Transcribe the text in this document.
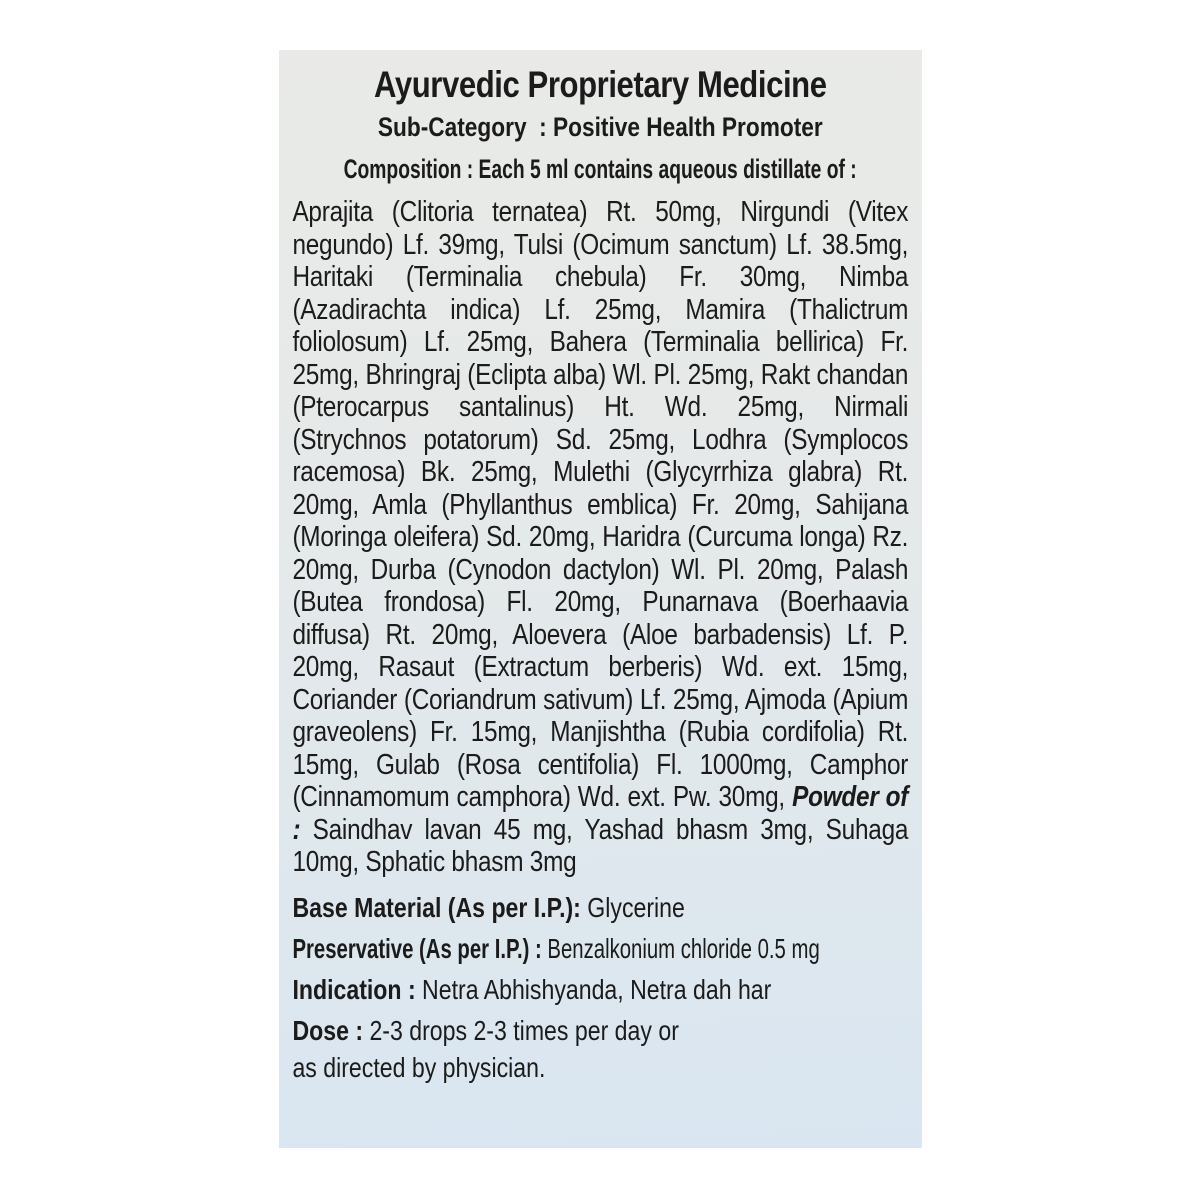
Ayurvedic Proprietary Medicine
Sub-Category  : Positive Health Promoter
Composition : Each 5 ml contains aqueous distillate of :

Aprajita (Clitoria ternatea) Rt. 50mg, Nirgundi (Vitex negundo) Lf. 39mg, Tulsi (Ocimum sanctum) Lf. 38.5mg, Haritaki (Terminalia chebula) Fr. 30mg, Nimba (Azadirachta indica) Lf. 25mg, Mamira (Thalictrum foliolosum) Lf. 25mg, Bahera (Terminalia bellirica) Fr. 25mg, Bhringraj (Eclipta alba) Wl. Pl. 25mg, Rakt chandan (Pterocarpus santalinus) Ht. Wd. 25mg, Nirmali (Strychnos potatorum) Sd. 25mg, Lodhra (Symplocos racemosa) Bk. 25mg, Mulethi (Glycyrrhiza glabra) Rt. 20mg, Amla (Phyllanthus emblica) Fr. 20mg, Sahijana (Moringa oleifera) Sd. 20mg, Haridra (Curcuma longa) Rz. 20mg, Durba (Cynodon dactylon) Wl. Pl. 20mg, Palash (Butea frondosa) Fl. 20mg, Punarnava (Boerhaavia diffusa) Rt. 20mg, Aloevera (Aloe barbadensis) Lf. P. 20mg, Rasaut (Extractum berberis) Wd. ext. 15mg, Coriander (Coriandrum sativum) Lf. 25mg, Ajmoda (Apium graveolens) Fr. 15mg, Manjishtha (Rubia cordifolia) Rt. 15mg, Gulab (Rosa centifolia) Fl. 1000mg, Camphor (Cinnamomum camphora) Wd. ext. Pw. 30mg, Powder of : Saindhav lavan 45 mg, Yashad bhasm 3mg, Suhaga 10mg, Sphatic bhasm 3mg

Base Material (As per I.P.): Glycerine
Preservative (As per I.P.) : Benzalkonium chloride 0.5 mg
Indication : Netra Abhishyanda, Netra dah har
Dose : 2-3 drops 2-3 times per day or
as directed by physician.
